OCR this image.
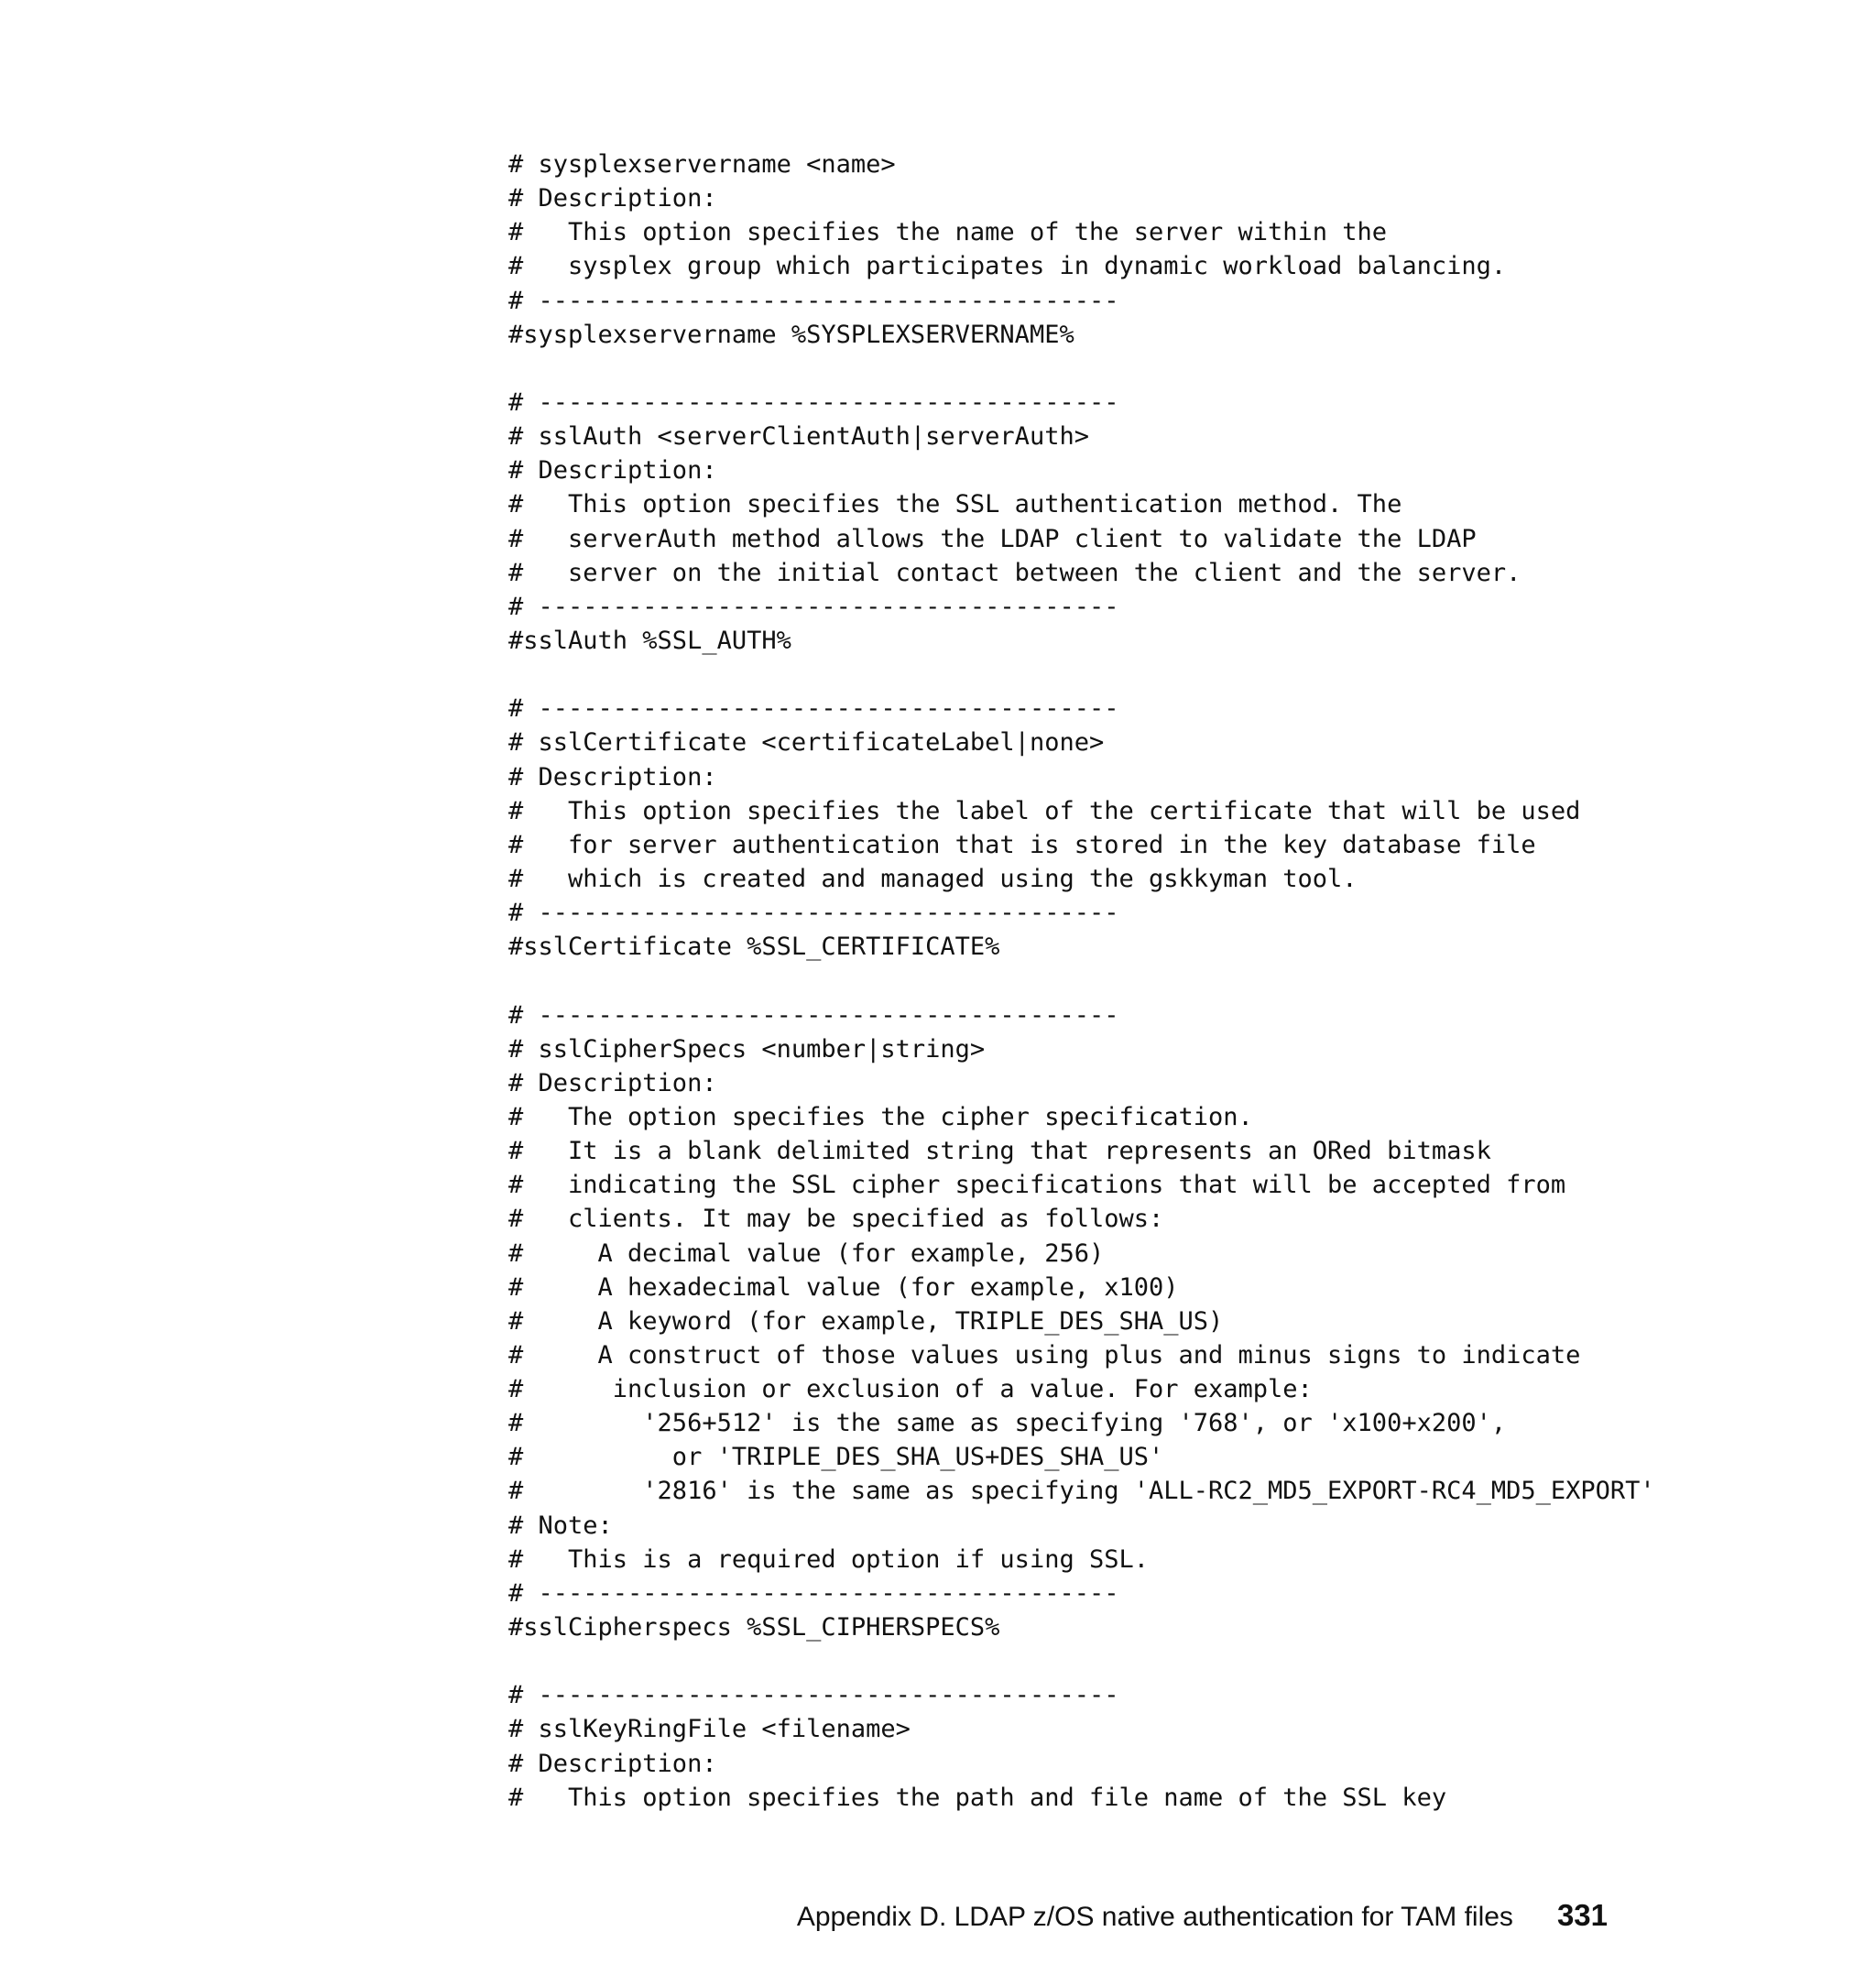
# sysplexservername <name>
# Description:
#   This option specifies the name of the server within the
#   sysplex group which participates in dynamic workload balancing.
# ---------------------------------------
#sysplexservername %SYSPLEXSERVERNAME%
# ---------------------------------------
# sslAuth <serverClientAuth|serverAuth>
# Description:
#   This option specifies the SSL authentication method. The
#   serverAuth method allows the LDAP client to validate the LDAP
#   server on the initial contact between the client and the server.
# ---------------------------------------
#sslAuth %SSL_AUTH%
# ---------------------------------------
# sslCertificate <certificateLabel|none>
# Description:
#   This option specifies the label of the certificate that will be used
#   for server authentication that is stored in the key database file
#   which is created and managed using the gskkyman tool.
# ---------------------------------------
#sslCertificate %SSL_CERTIFICATE%
# ---------------------------------------
# sslCipherSpecs <number|string>
# Description:
#   The option specifies the cipher specification.
#   It is a blank delimited string that represents an ORed bitmask
#   indicating the SSL cipher specifications that will be accepted from
#   clients. It may be specified as follows:
#     A decimal value (for example, 256)
#     A hexadecimal value (for example, x100)
#     A keyword (for example, TRIPLE_DES_SHA_US)
#     A construct of those values using plus and minus signs to indicate
#      inclusion or exclusion of a value. For example:
#        '256+512' is the same as specifying '768', or 'x100+x200',
#          or 'TRIPLE_DES_SHA_US+DES_SHA_US'
#        '2816' is the same as specifying 'ALL-RC2_MD5_EXPORT-RC4_MD5_EXPORT'
# Note:
#   This is a required option if using SSL.
# ---------------------------------------
#sslCipherspecs %SSL_CIPHERSPECS%
# ---------------------------------------
# sslKeyRingFile <filename>
# Description:
#   This option specifies the path and file name of the SSL key
Appendix D. LDAP z/OS native authentication for TAM files 331
